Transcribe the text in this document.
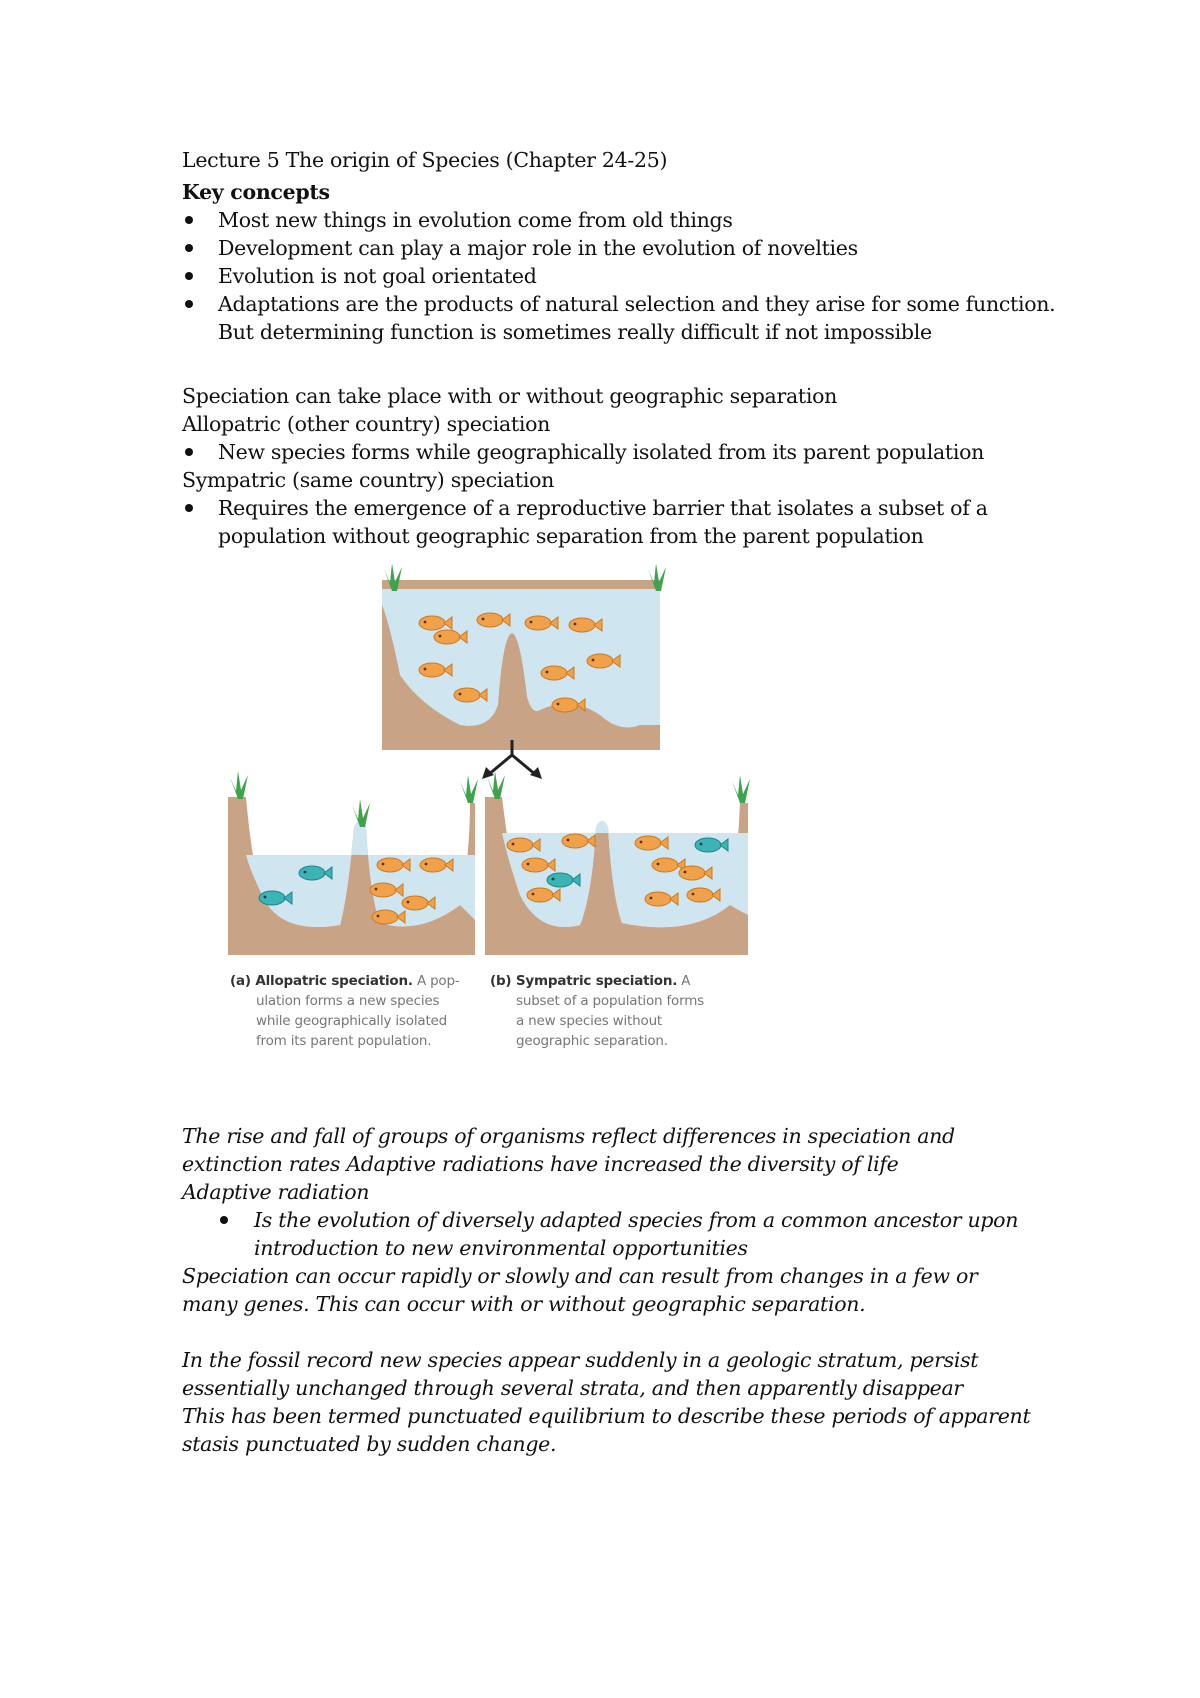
Lecture 5 The origin of Species (Chapter 24-25)
Key concepts
Most new things in evolution come from old things
Development can play a major role in the evolution of novelties
Evolution is not goal orientated
Adaptations are the products of natural selection and they arise for some function.
But determining function is sometimes really difficult if not impossible
Speciation can take place with or without geographic separation
Allopatric (other country) speciation
New species forms while geographically isolated from its parent population
Sympatric (same country) speciation
Requires the emergence of a reproductive barrier that isolates a subset of a
population without geographic separation from the parent population
(a) Allopatric speciation. A pop-
ulation forms a new species
while geographically isolated
from its parent population.
(b) Sympatric speciation. A
subset of a population forms
a new species without
geographic separation.
The rise and fall of groups of organisms reflect differences in speciation and
extinction rates Adaptive radiations have increased the diversity of life
Adaptive radiation
Is the evolution of diversely adapted species from a common ancestor upon
introduction to new environmental opportunities
Speciation can occur rapidly or slowly and can result from changes in a few or
many genes. This can occur with or without geographic separation.
In the fossil record new species appear suddenly in a geologic stratum, persist
essentially unchanged through several strata, and then apparently disappear
This has been termed punctuated equilibrium to describe these periods of apparent
stasis punctuated by sudden change.
